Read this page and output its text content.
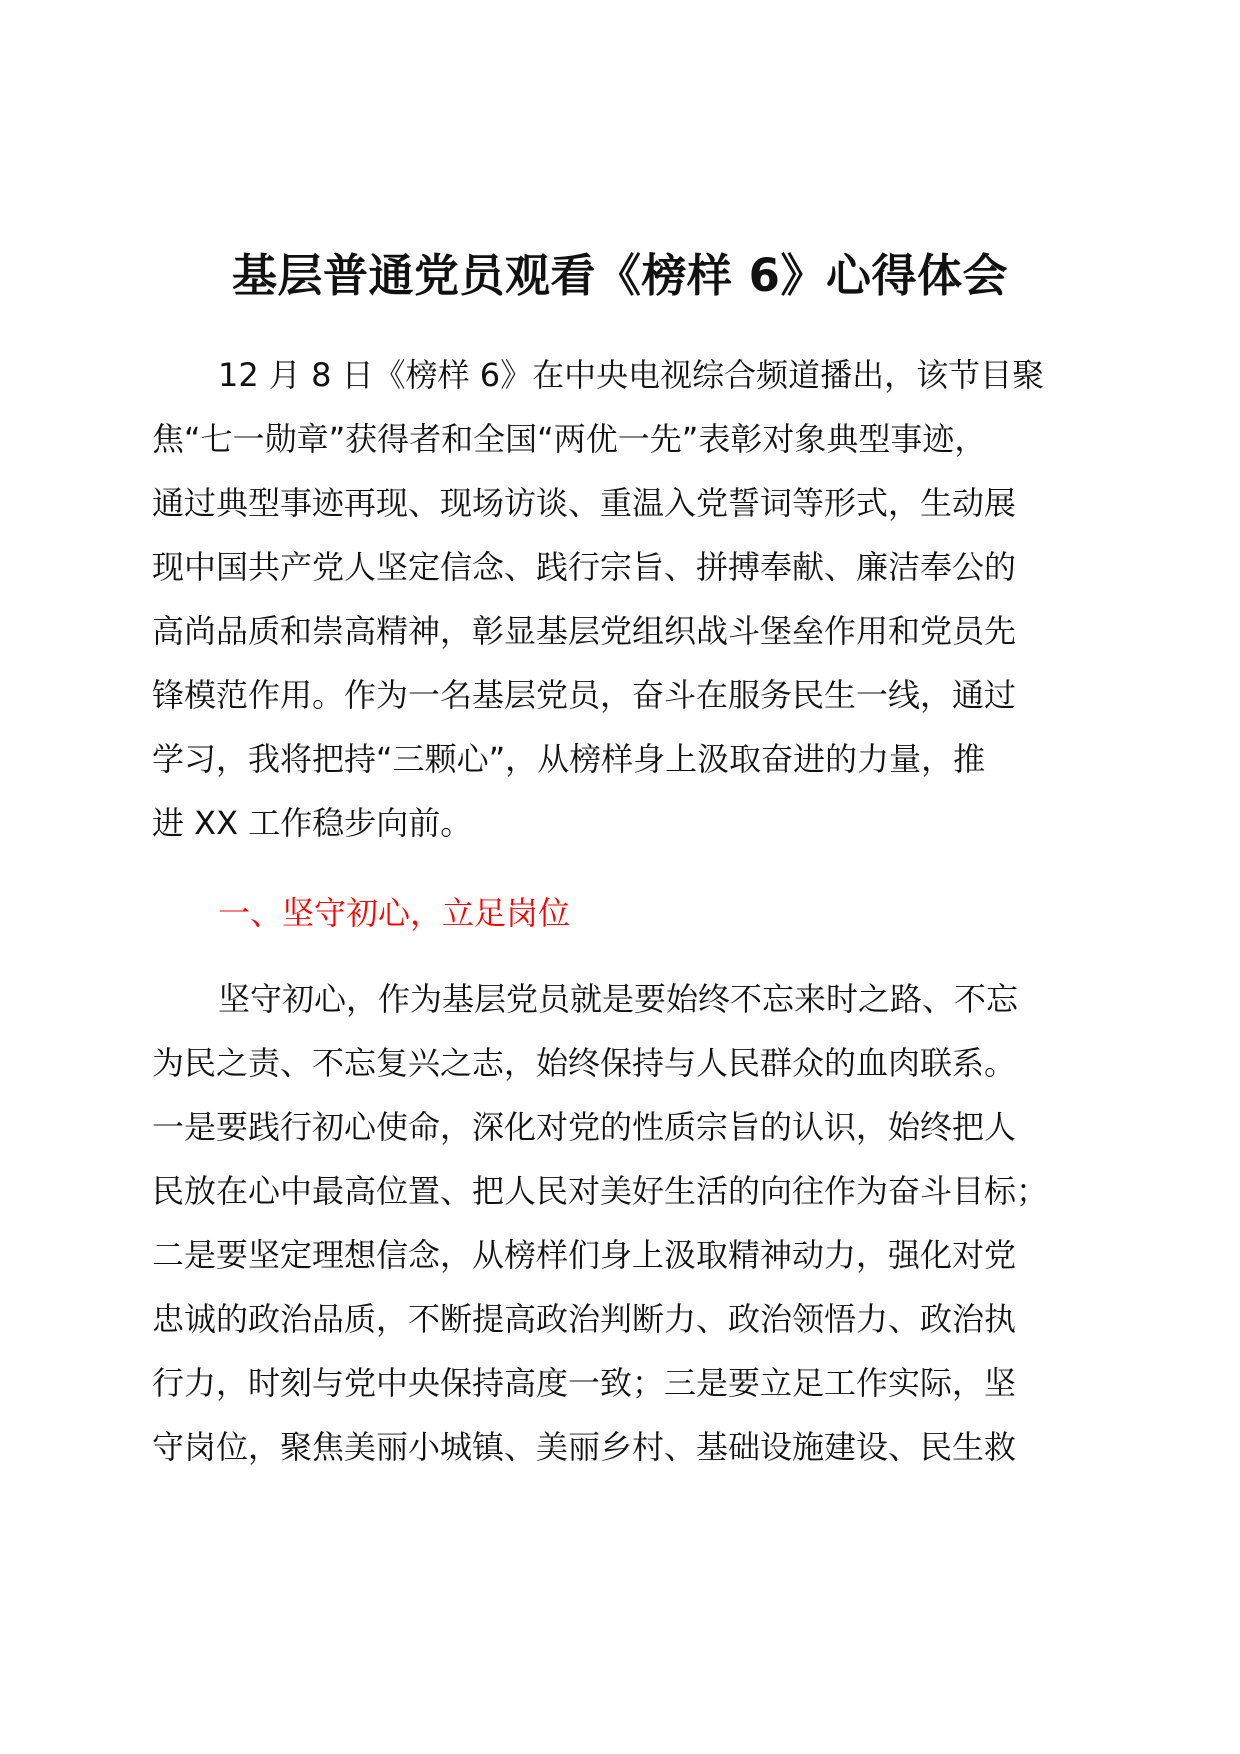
基层普通党员观看《榜样 6》心得体会
12 月 8 日《榜样 6》在中央电视综合频道播出，该节目聚
焦“七一勋章”获得者和全国“两优一先”表彰对象典型事迹，
通过典型事迹再现、现场访谈、重温入党誓词等形式，生动展
现中国共产党人坚定信念、践行宗旨、拼搏奉献、廉洁奉公的
高尚品质和崇高精神，彰显基层党组织战斗堡垒作用和党员先
锋模范作用。作为一名基层党员，奋斗在服务民生一线，通过
学习，我将把持“三颗心”，从榜样身上汲取奋进的力量，推
进 XX 工作稳步向前。
一、坚守初心，立足岗位
坚守初心，作为基层党员就是要始终不忘来时之路、不忘
为民之责、不忘复兴之志，始终保持与人民群众的血肉联系。
一是要践行初心使命，深化对党的性质宗旨的认识，始终把人
民放在心中最高位置、把人民对美好生活的向往作为奋斗目标；
二是要坚定理想信念，从榜样们身上汲取精神动力，强化对党
忠诚的政治品质，不断提高政治判断力、政治领悟力、政治执
行力，时刻与党中央保持高度一致；三是要立足工作实际，坚
守岗位，聚焦美丽小城镇、美丽乡村、基础设施建设、民生救
